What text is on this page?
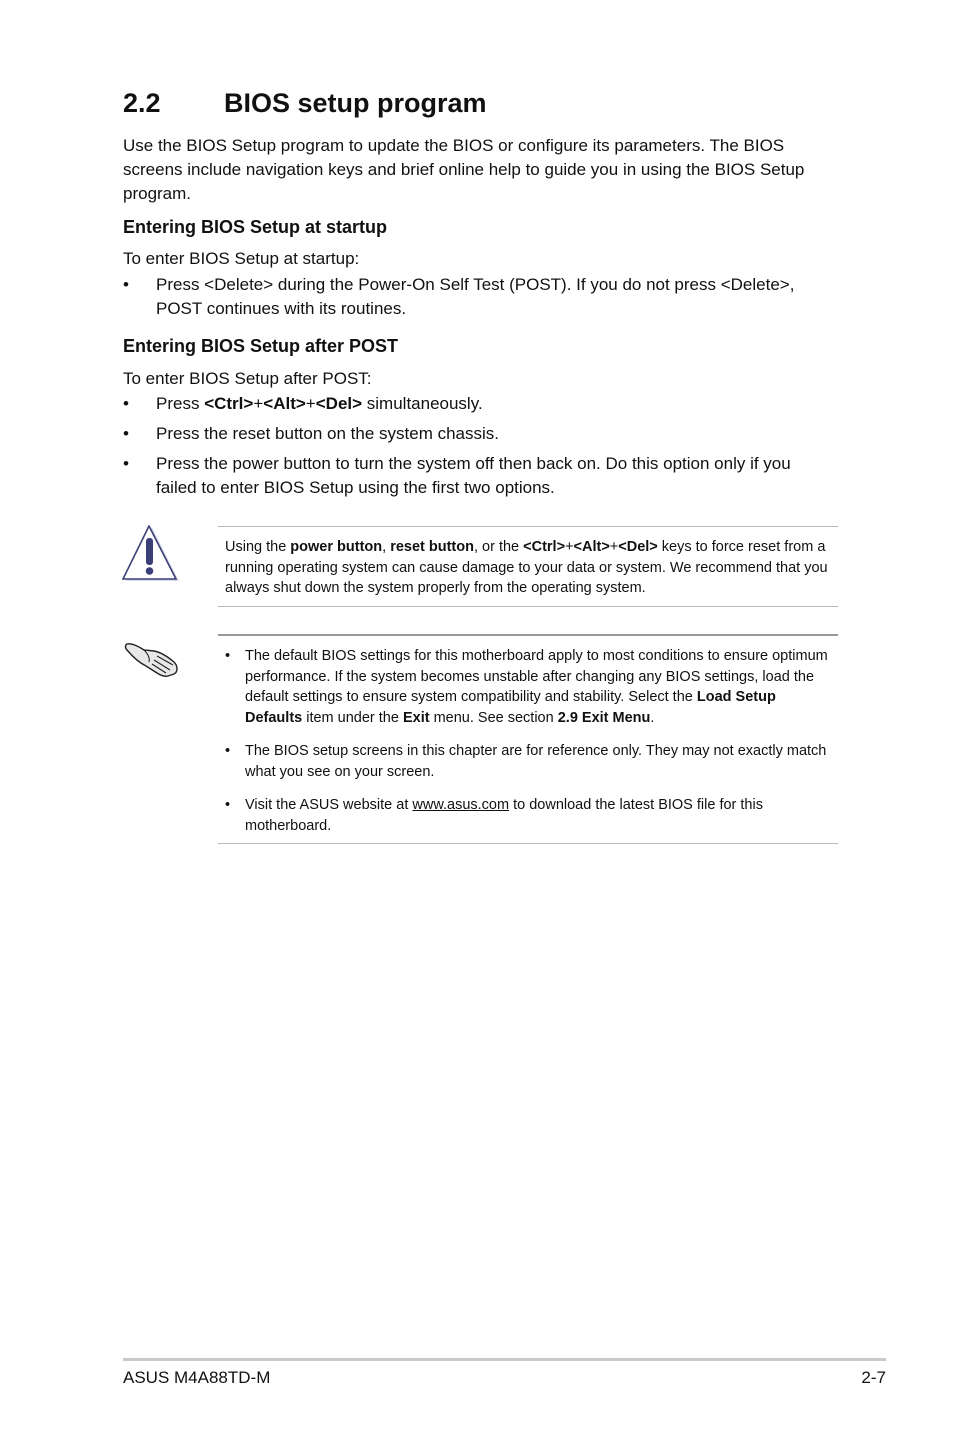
2.2 BIOS setup program
Use the BIOS Setup program to update the BIOS or configure its parameters. The BIOS screens include navigation keys and brief online help to guide you in using the BIOS Setup program.
Entering BIOS Setup at startup
To enter BIOS Setup at startup:
• Press <Delete> during the Power-On Self Test (POST). If you do not press <Delete>, POST continues with its routines.
Entering BIOS Setup after POST
To enter BIOS Setup after POST:
• Press <Ctrl>+<Alt>+<Del> simultaneously.
• Press the reset button on the system chassis.
• Press the power button to turn the system off then back on. Do this option only if you failed to enter BIOS Setup using the first two options.
Using the power button, reset button, or the <Ctrl>+<Alt>+<Del> keys to force reset from a running operating system can cause damage to your data or system. We recommend that you always shut down the system properly from the operating system.
• The default BIOS settings for this motherboard apply to most conditions to ensure optimum performance. If the system becomes unstable after changing any BIOS settings, load the default settings to ensure system compatibility and stability. Select the Load Setup Defaults item under the Exit menu. See section 2.9 Exit Menu.
• The BIOS setup screens in this chapter are for reference only. They may not exactly match what you see on your screen.
• Visit the ASUS website at www.asus.com to download the latest BIOS file for this motherboard.
ASUS M4A88TD-M	2-7
